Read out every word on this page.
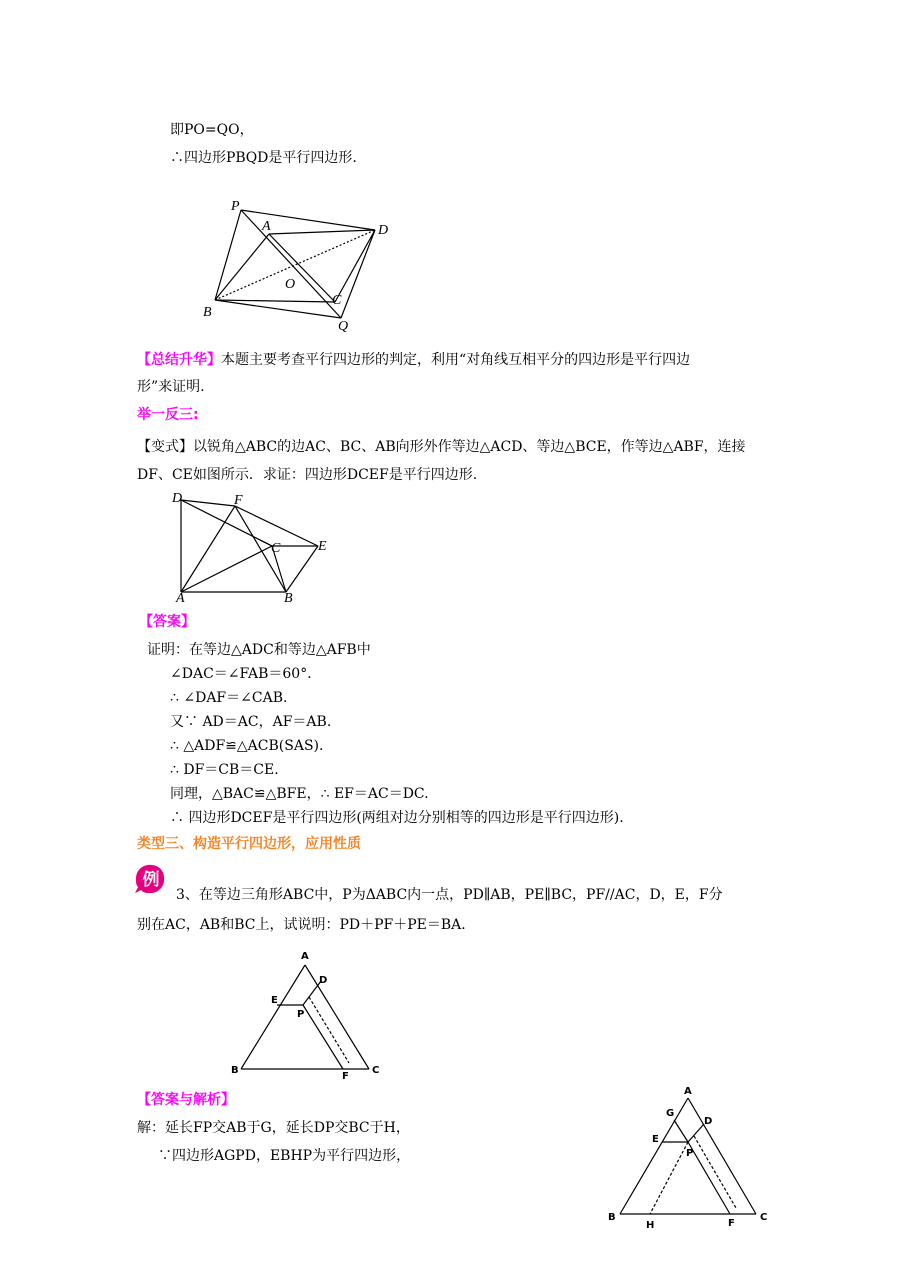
即PO=QO，
∴四边形PBQD是平行四边形.
P
A	D
O
C
B
Q
【总结升华】本题主要考查平行四边形的判定，利用“对角线互相平分的四边形是平行四边
形”来证明.
举一反三:
【变式】以锐角△ABC的边AC、BC、AB向形外作等边△ACD、等边△BCE，作等边△ABF，连接
DF、CE如图所示．求证：四边形DCEF是平行四边形.
D	F
C	E
A	B
【答案】
证明：在等边△ADC和等边△AFB中
∠DAC＝∠FAB＝60°．
∴ ∠DAF＝∠CAB.
又∵ AD＝AC，AF＝AB.
∴ △ADF≌△ACB(SAS).
∴ DF＝CB＝CE.
同理，△BAC≌△BFE，∴ EF＝AC＝DC.
∴ 四边形DCEF是平行四边形(两组对边分别相等的四边形是平行四边形).
类型三、构造平行四边形，应用性质
例
3、在等边三角形ABC中，P为ΔABC内一点，PD∥AB，PE∥BC，PF//AC，D，E，F分
别在AC，AB和BC上，试说明：PD＋PF＋PE＝BA.
A
D
E
P
B
F
C
【答案与解析】
解：延长FP交AB于G，延长DP交BC于H，
∵四边形AGPD，EBHP为平行四边形，
A
G
D
E
P
B
H	F
C
